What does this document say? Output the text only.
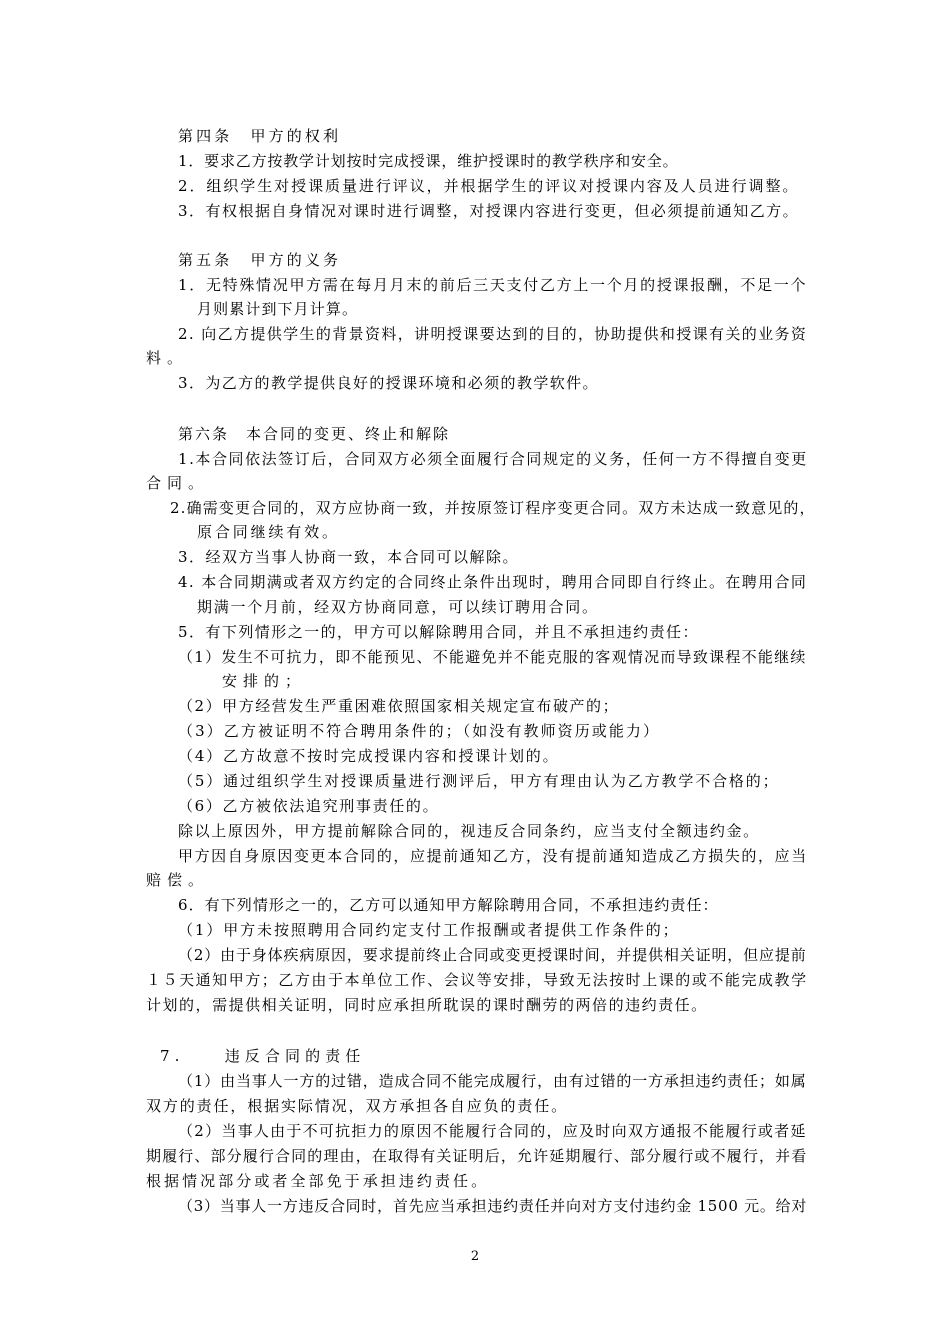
第四条　甲方的权利
1．要求乙方按教学计划按时完成授课，维护授课时的教学秩序和安全。
2．组织学生对授课质量进行评议，并根据学生的评议对授课内容及人员进行调整。
3．有权根据自身情况对课时进行调整，对授课内容进行变更，但必须提前通知乙方。
第五条　甲方的义务
1．无特殊情况甲方需在每月月末的前后三天支付乙方上一个月的授课报酬，不足一个
月则累计到下月计算。
2. 向乙方提供学生的背景资料，讲明授课要达到的目的，协助提供和授课有关的业务资
料。
3．为乙方的教学提供良好的授课环境和必须的教学软件。
第六条　本合同的变更、终止和解除
1.本合同依法签订后，合同双方必须全面履行合同规定的义务，任何一方不得擅自变更
合同。
2.确需变更合同的，双方应协商一致，并按原签订程序变更合同。双方未达成一致意见的，
原合同继续有效。
3．经双方当事人协商一致，本合同可以解除。
4. 本合同期满或者双方约定的合同终止条件出现时，聘用合同即自行终止。在聘用合同
期满一个月前，经双方协商同意，可以续订聘用合同。
5．有下列情形之一的，甲方可以解除聘用合同，并且不承担违约责任：
（1）发生不可抗力，即不能预见、不能避免并不能克服的客观情况而导致课程不能继续
安排的；
（2）甲方经营发生严重困难依照国家相关规定宣布破产的；
（3）乙方被证明不符合聘用条件的；（如没有教师资历或能力）
（4）乙方故意不按时完成授课内容和授课计划的。
（5）通过组织学生对授课质量进行测评后，甲方有理由认为乙方教学不合格的；
（6）乙方被依法追究刑事责任的。
除以上原因外，甲方提前解除合同的，视违反合同条约，应当支付全额违约金。
甲方因自身原因变更本合同的，应提前通知乙方，没有提前通知造成乙方损失的，应当
赔偿。
6．有下列情形之一的，乙方可以通知甲方解除聘用合同，不承担违约责任：
（1）甲方未按照聘用合同约定支付工作报酬或者提供工作条件的；
（2）由于身体疾病原因，要求提前终止合同或变更授课时间，并提供相关证明，但应提前
１５天通知甲方；乙方由于本单位工作、会议等安排，导致无法按时上课的或不能完成教学
计划的，需提供相关证明，同时应承担所耽误的课时酬劳的两倍的违约责任。
7.　　违反合同的责任
（1）由当事人一方的过错，造成合同不能完成履行，由有过错的一方承担违约责任；如属
双方的责任，根据实际情况，双方承担各自应负的责任。
（2）当事人由于不可抗拒力的原因不能履行合同的，应及时向双方通报不能履行或者延
期履行、部分履行合同的理由，在取得有关证明后，允许延期履行、部分履行或不履行，并看
根据情况部分或者全部免于承担违约责任。
（3）当事人一方违反合同时，首先应当承担违约责任并向对方支付违约金 1500 元。给对
2
